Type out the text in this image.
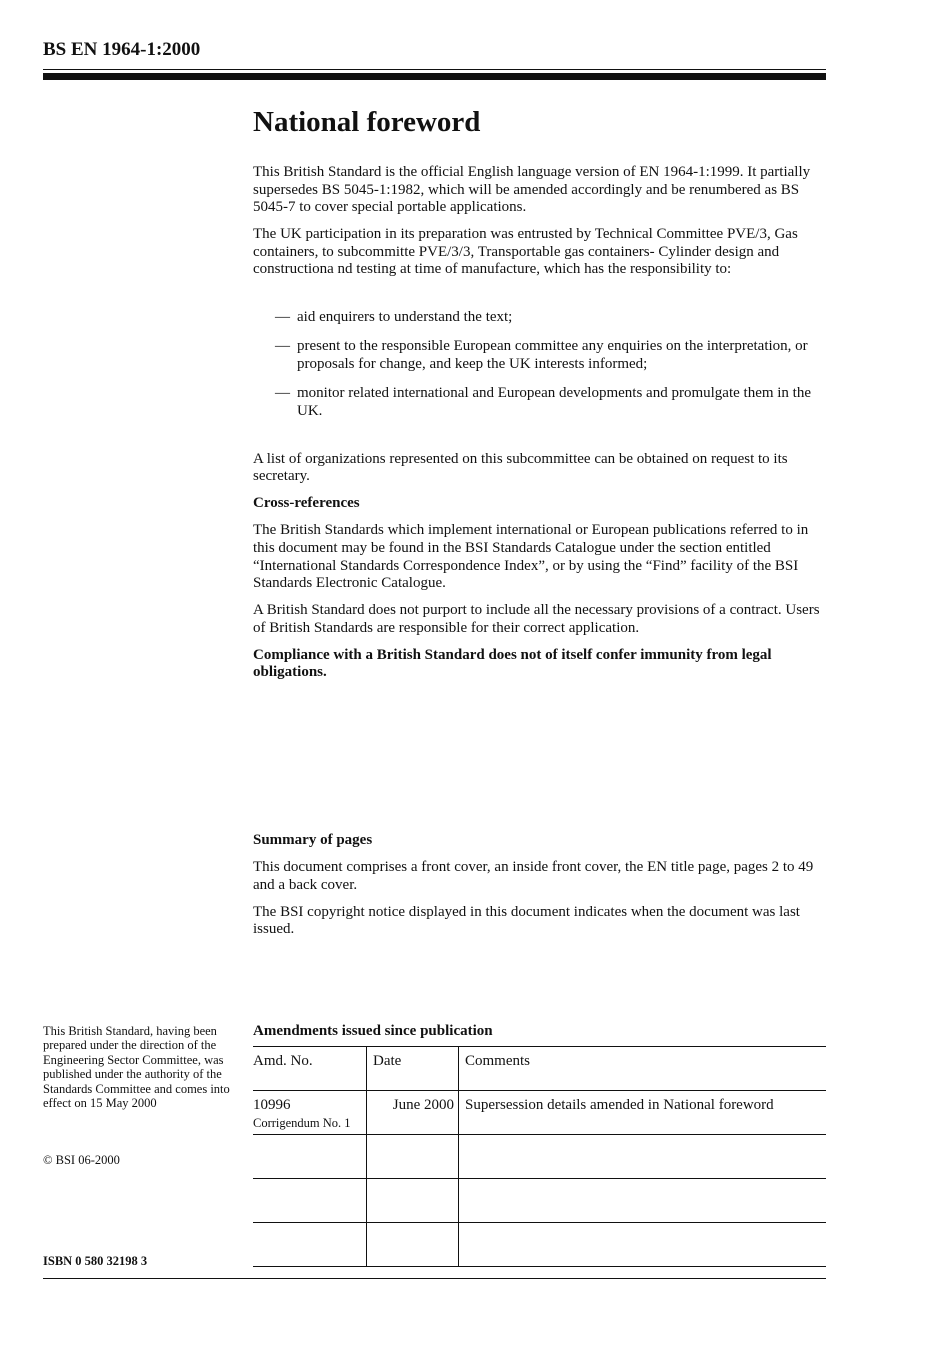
BS EN 1964-1:2000
National foreword

This British Standard is the official English language version of EN 1964-1:1999. It partially supersedes BS 5045-1:1982, which will be amended accordingly and be renumbered as BS 5045-7 to cover special portable applications.

The UK participation in its preparation was entrusted by Technical Committee PVE/3, Gas containers, to subcommitte PVE/3/3, Transportable gas containers- Cylinder design and constructiona nd testing at time of manufacture, which has the responsibility to:

— aid enquirers to understand the text;
— present to the responsible European committee any enquiries on the interpretation, or proposals for change, and keep the UK interests informed;
— monitor related international and European developments and promulgate them in the UK.

A list of organizations represented on this subcommittee can be obtained on request to its secretary.

Cross-references

The British Standards which implement international or European publications referred to in this document may be found in the BSI Standards Catalogue under the section entitled “International Standards Correspondence Index”, or by using the “Find” facility of the BSI Standards Electronic Catalogue.

A British Standard does not purport to include all the necessary provisions of a contract. Users of British Standards are responsible for their correct application.

Compliance with a British Standard does not of itself confer immunity from legal obligations.

Summary of pages

This document comprises a front cover, an inside front cover, the EN title page, pages 2 to 49 and a back cover.

The BSI copyright notice displayed in this document indicates when the document was last issued.

This British Standard, having been prepared under the direction of the Engineering Sector Committee, was published under the authority of the Standards Committee and comes into effect on 15 May 2000
© BSI 06-2000
Amendments issued since publication
Amd. No.	Date	Comments
10996
Corrigendum No. 1	June 2000	Supersession details amended in National foreword

ISBN 0 580 32198 3
